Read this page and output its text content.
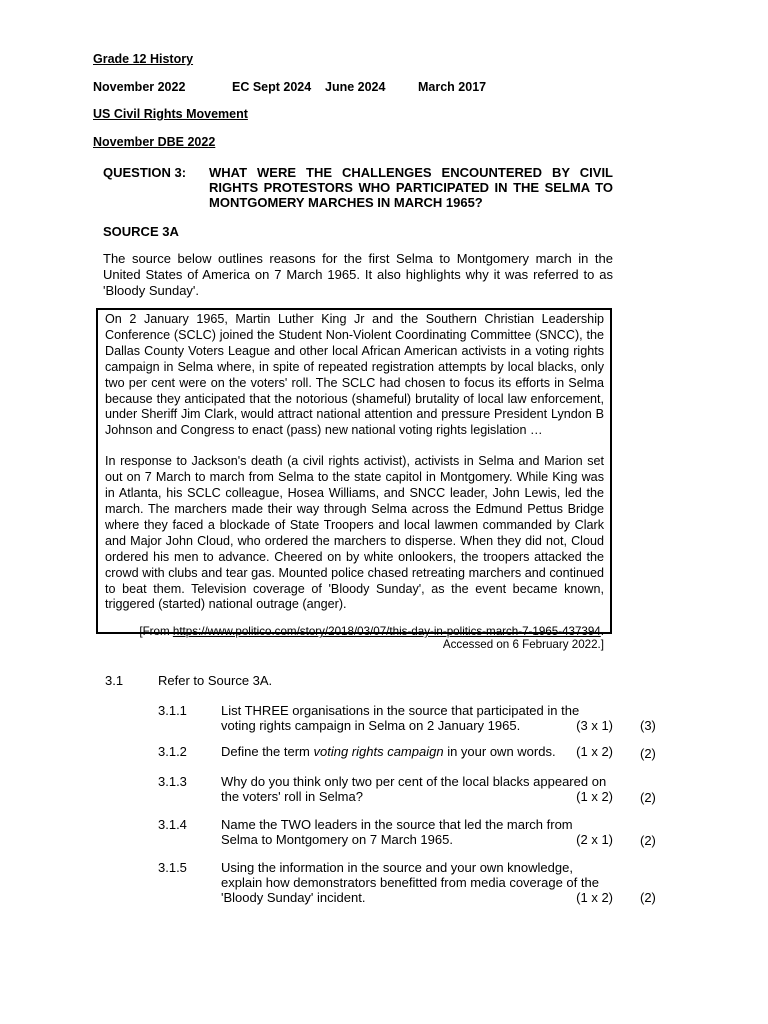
Grade 12 History
November 2022	EC Sept 2024 June 2024	March 2017
US Civil Rights Movement
November DBE 2022
QUESTION 3: WHAT WERE THE CHALLENGES ENCOUNTERED BY CIVIL RIGHTS PROTESTORS WHO PARTICIPATED IN THE SELMA TO MONTGOMERY MARCHES IN MARCH 1965?
SOURCE 3A
The source below outlines reasons for the first Selma to Montgomery march in the United States of America on 7 March 1965. It also highlights why it was referred to as 'Bloody Sunday'.

On 2 January 1965, Martin Luther King Jr and the Southern Christian Leadership Conference (SCLC) joined the Student Non-Violent Coordinating Committee (SNCC), the Dallas County Voters League and other local African American activists in a voting rights campaign in Selma where, in spite of repeated registration attempts by local blacks, only two per cent were on the voters' roll. The SCLC had chosen to focus its efforts in Selma because they anticipated that the notorious (shameful) brutality of local law enforcement, under Sheriff Jim Clark, would attract national attention and pressure President Lyndon B Johnson and Congress to enact (pass) new national voting rights legislation …

In response to Jackson's death (a civil rights activist), activists in Selma and Marion set out on 7 March to march from Selma to the state capitol in Montgomery. While King was in Atlanta, his SCLC colleague, Hosea Williams, and SNCC leader, John Lewis, led the march. The marchers made their way through Selma across the Edmund Pettus Bridge where they faced a blockade of State Troopers and local lawmen commanded by Clark and Major John Cloud, who ordered the marchers to disperse. When they did not, Cloud ordered his men to advance. Cheered on by white onlookers, the troopers attacked the crowd with clubs and tear gas. Mounted police chased retreating marchers and continued to beat them. Television coverage of 'Bloody Sunday', as the event became known, triggered (started) national outrage (anger).

[From https://www.politico.com/story/2018/03/07/this-day-in-politics-march-7-1965-437394.
Accessed on 6 February 2022.]
3.1	Refer to Source 3A.
3.1.1	List THREE organisations in the source that participated in the
voting rights campaign in Selma on 2 January 1965.	(3 x 1) (3)
3.1.2	Define the term voting rights campaign in your own words.	(1 x 2) (2)
3.1.3	Why do you think only two per cent of the local blacks appeared on
the voters' roll in Selma?	(1 x 2) (2)
3.1.4	Name the TWO leaders in the source that led the march from
Selma to Montgomery on 7 March 1965.	(2 x 1) (2)
3.1.5	Using the information in the source and your own knowledge,
explain how demonstrators benefitted from media coverage of the
'Bloody Sunday' incident.	(1 x 2) (2)
